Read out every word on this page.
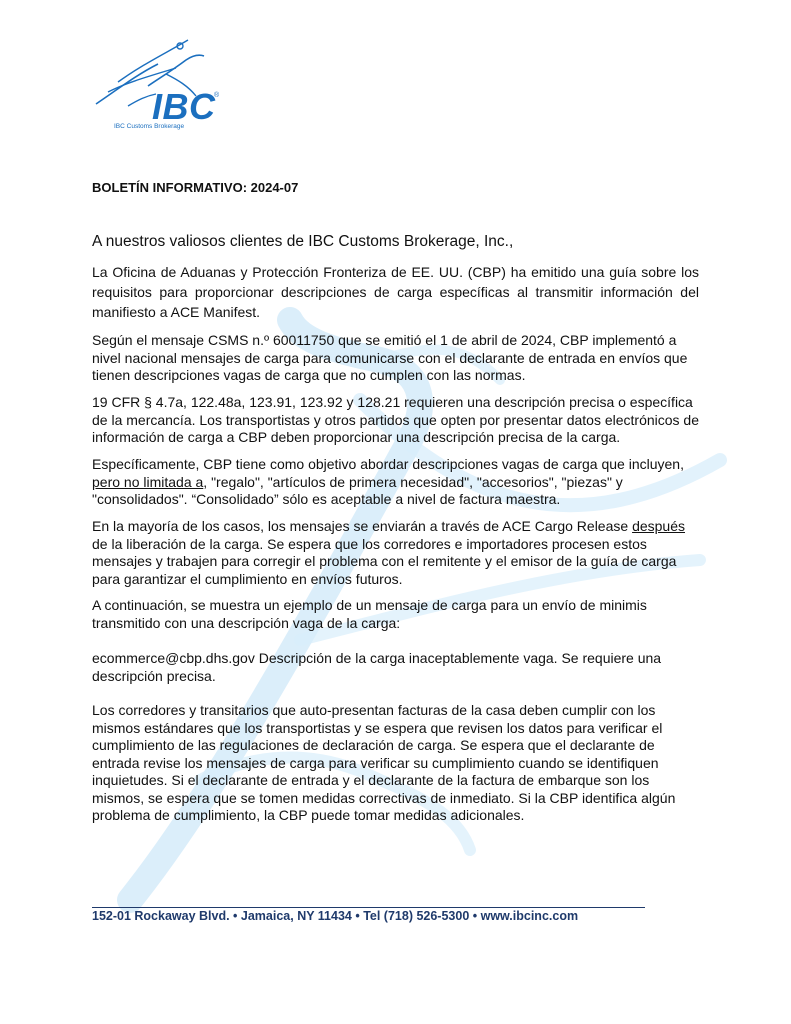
IBC
®
IBC Customs Brokerage
BOLETÍN INFORMATIVO: 2024-07
A nuestros valiosos clientes de IBC Customs Brokerage, Inc.,
La Oficina de Aduanas y Protección Fronteriza de EE. UU. (CBP) ha emitido una guía sobre los requisitos para proporcionar descripciones de carga específicas al transmitir información del manifiesto a ACE Manifest.
Según el mensaje CSMS n.º 60011750 que se emitió el 1 de abril de 2024, CBP implementó a nivel nacional mensajes de carga para comunicarse con el declarante de entrada en envíos que tienen descripciones vagas de carga que no cumplen con las normas.
19 CFR § 4.7a, 122.48a, 123.91, 123.92 y 128.21 requieren una descripción precisa o específica de la mercancía. Los transportistas y otros partidos que opten por presentar datos electrónicos de información de carga a CBP deben proporcionar una descripción precisa de la carga.
Específicamente, CBP tiene como objetivo abordar descripciones vagas de carga que incluyen, pero no limitada a, "regalo", "artículos de primera necesidad", "accesorios", "piezas" y "consolidados". “Consolidado” sólo es aceptable a nivel de factura maestra.
En la mayoría de los casos, los mensajes se enviarán a través de ACE Cargo Release después de la liberación de la carga. Se espera que los corredores e importadores procesen estos mensajes y trabajen para corregir el problema con el remitente y el emisor de la guía de carga para garantizar el cumplimiento en envíos futuros.
A continuación, se muestra un ejemplo de un mensaje de carga para un envío de minimis transmitido con una descripción vaga de la carga:
ecommerce@cbp.dhs.gov Descripción de la carga inaceptablemente vaga. Se requiere una descripción precisa.
Los corredores y transitarios que auto-presentan facturas de la casa deben cumplir con los mismos estándares que los transportistas y se espera que revisen los datos para verificar el cumplimiento de las regulaciones de declaración de carga. Se espera que el declarante de entrada revise los mensajes de carga para verificar su cumplimiento cuando se identifiquen inquietudes. Si el declarante de entrada y el declarante de la factura de embarque son los mismos, se espera que se tomen medidas correctivas de inmediato. Si la CBP identifica algún problema de cumplimiento, la CBP puede tomar medidas adicionales.
152-01 Rockaway Blvd. • Jamaica, NY 11434 • Tel (718) 526-5300 • www.ibcinc.com
